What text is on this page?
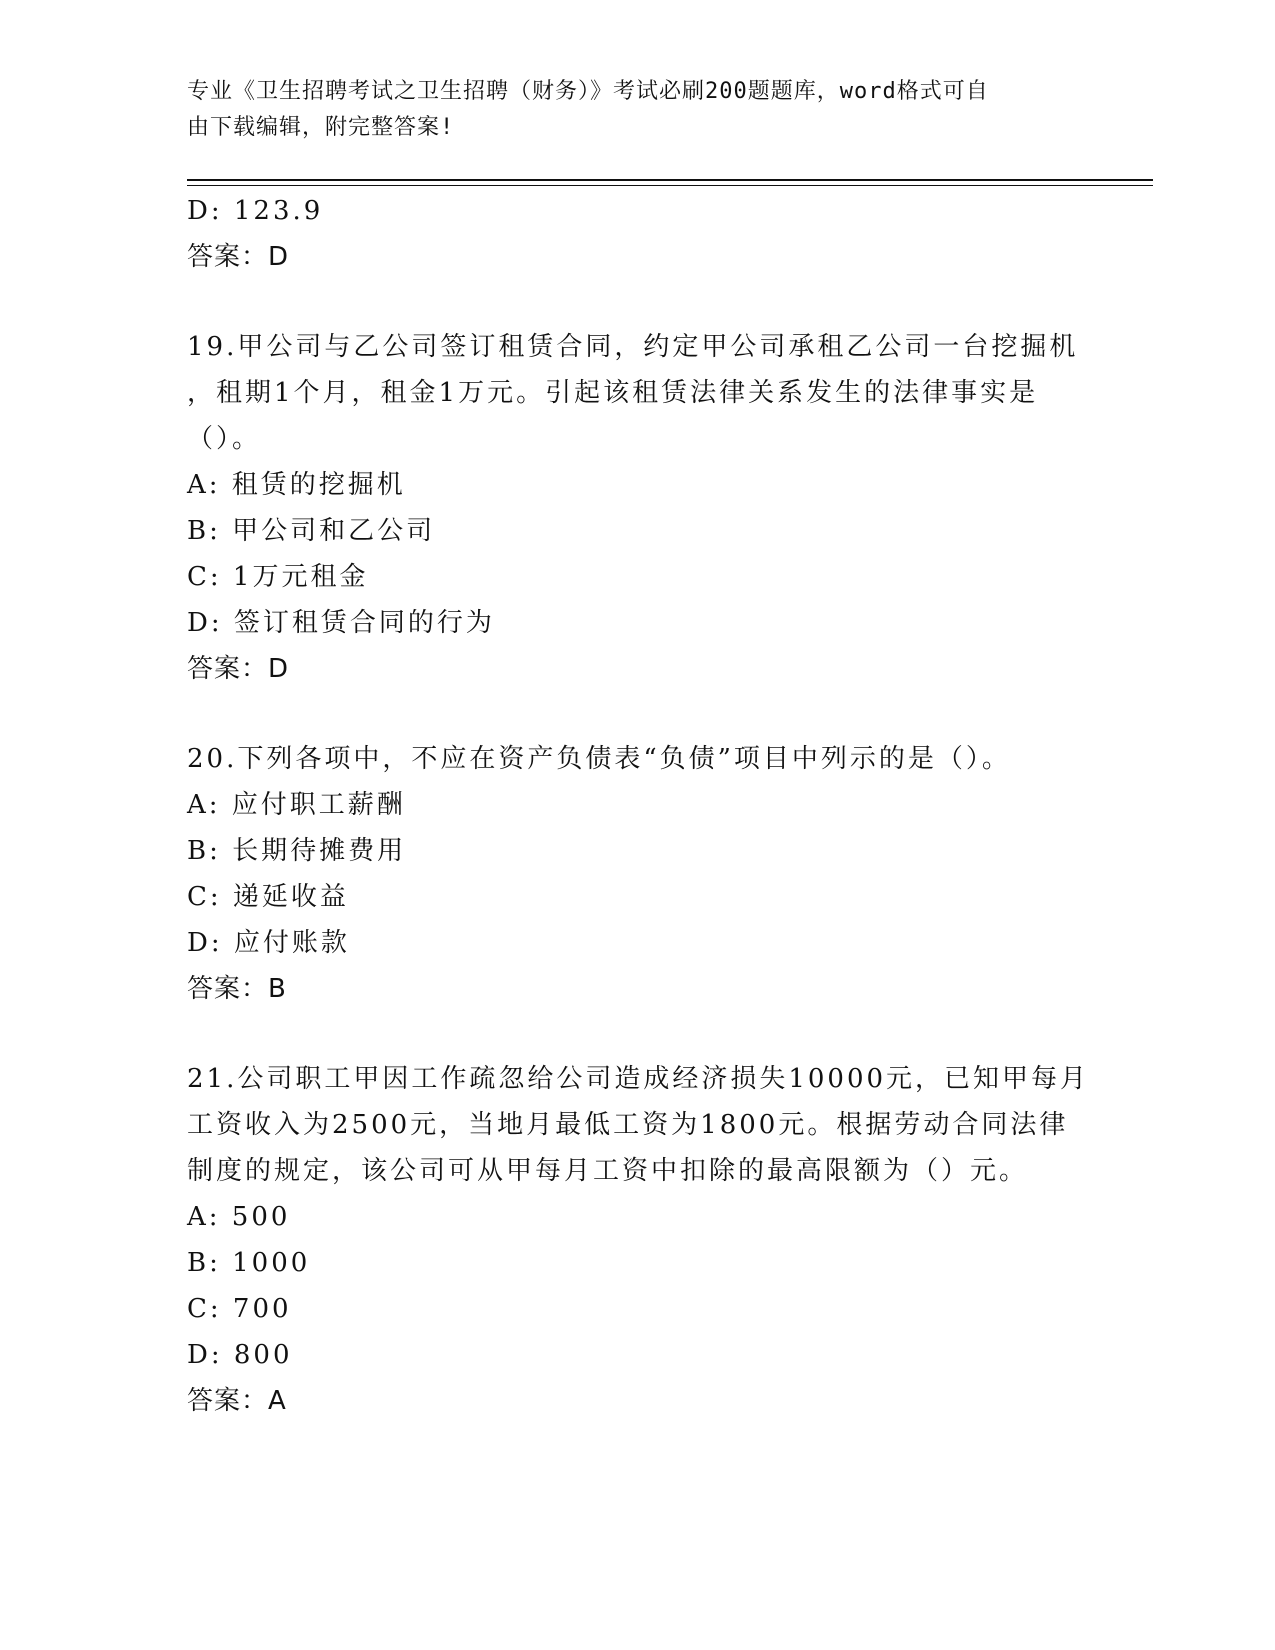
专业《卫生招聘考试之卫生招聘（财务）》考试必刷200题题库，word格式可自
由下载编辑，附完整答案!
D: 123.9
答案：D
19.甲公司与乙公司签订租赁合同，约定甲公司承租乙公司一台挖掘机
，租期1个月，租金1万元。引起该租赁法律关系发生的法律事实是
（）。
A: 租赁的挖掘机
B: 甲公司和乙公司
C: 1万元租金
D: 签订租赁合同的行为
答案：D
20.下列各项中，不应在资产负债表“负债”项目中列示的是（）。
A: 应付职工薪酬
B: 长期待摊费用
C: 递延收益
D: 应付账款
答案：B
21.公司职工甲因工作疏忽给公司造成经济损失10000元，已知甲每月
工资收入为2500元，当地月最低工资为1800元。根据劳动合同法律
制度的规定，该公司可从甲每月工资中扣除的最高限额为（）元。
A: 500
B: 1000
C: 700
D: 800
答案：A
